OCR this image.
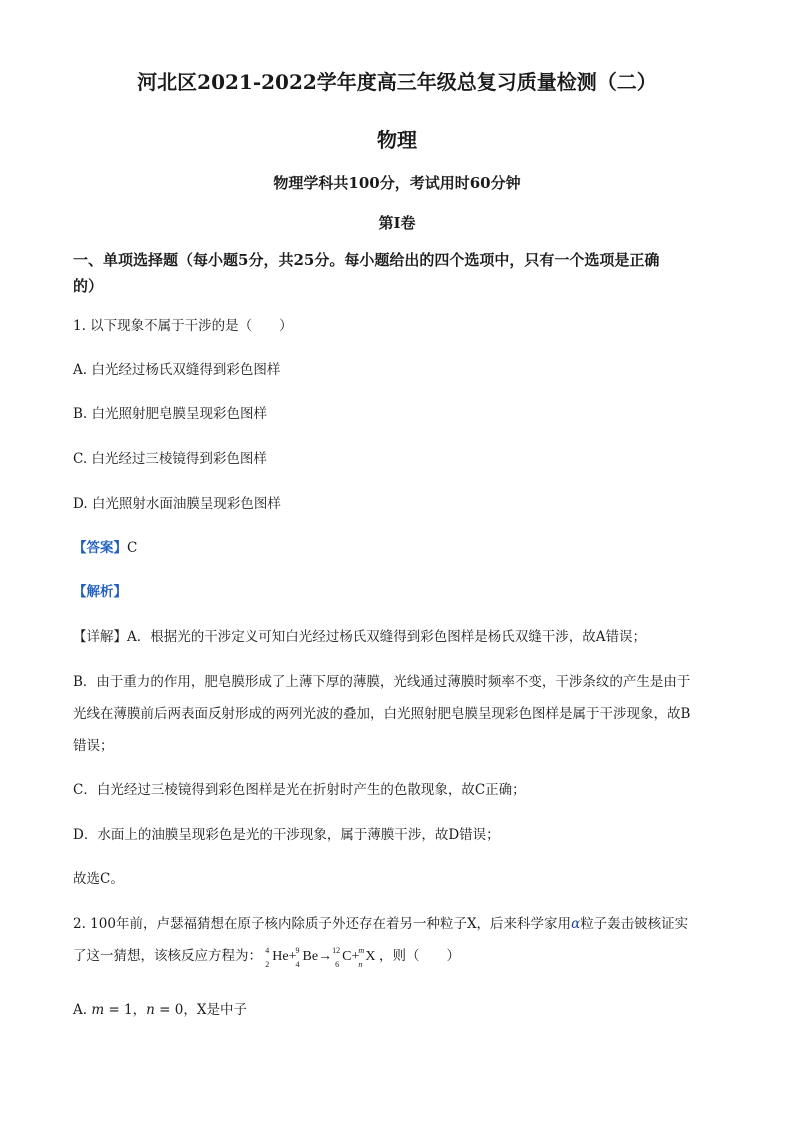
河北区2021-2022学年度高三年级总复习质量检测（二）
物理
物理学科共100分，考试用时60分钟
第I卷
一、单项选择题（每小题5分，共25分。每小题给出的四个选项中，只有一个选项是正确
的）
1. 以下现象不属于干涉的是（　　）
A. 白光经过杨氏双缝得到彩色图样
B. 白光照射肥皂膜呈现彩色图样
C. 白光经过三棱镜得到彩色图样
D. 白光照射水面油膜呈现彩色图样
【答案】C
【解析】
【详解】A．根据光的干涉定义可知白光经过杨氏双缝得到彩色图样是杨氏双缝干涉，故A错误；
B．由于重力的作用，肥皂膜形成了上薄下厚的薄膜，光线通过薄膜时频率不变，干涉条纹的产生是由于
光线在薄膜前后两表面反射形成的两列光波的叠加，白光照射肥皂膜呈现彩色图样是属于干涉现象，故B
错误；
C．白光经过三棱镜得到彩色图样是光在折射时产生的色散现象，故C正确；
D．水面上的油膜呈现彩色是光的干涉现象，属于薄膜干涉，故D错误；
故选C。
2. 100年前，卢瑟福猜想在原子核内除质子外还存在着另一种粒子X，后来科学家用α粒子轰击铍核证实
了这一猜想，该核反应方程为： 4
2
He+ 9
4
Be→ 12
6
C+ m
n
X ，则（　　）
A. m = 1，n = 0，X是中子
